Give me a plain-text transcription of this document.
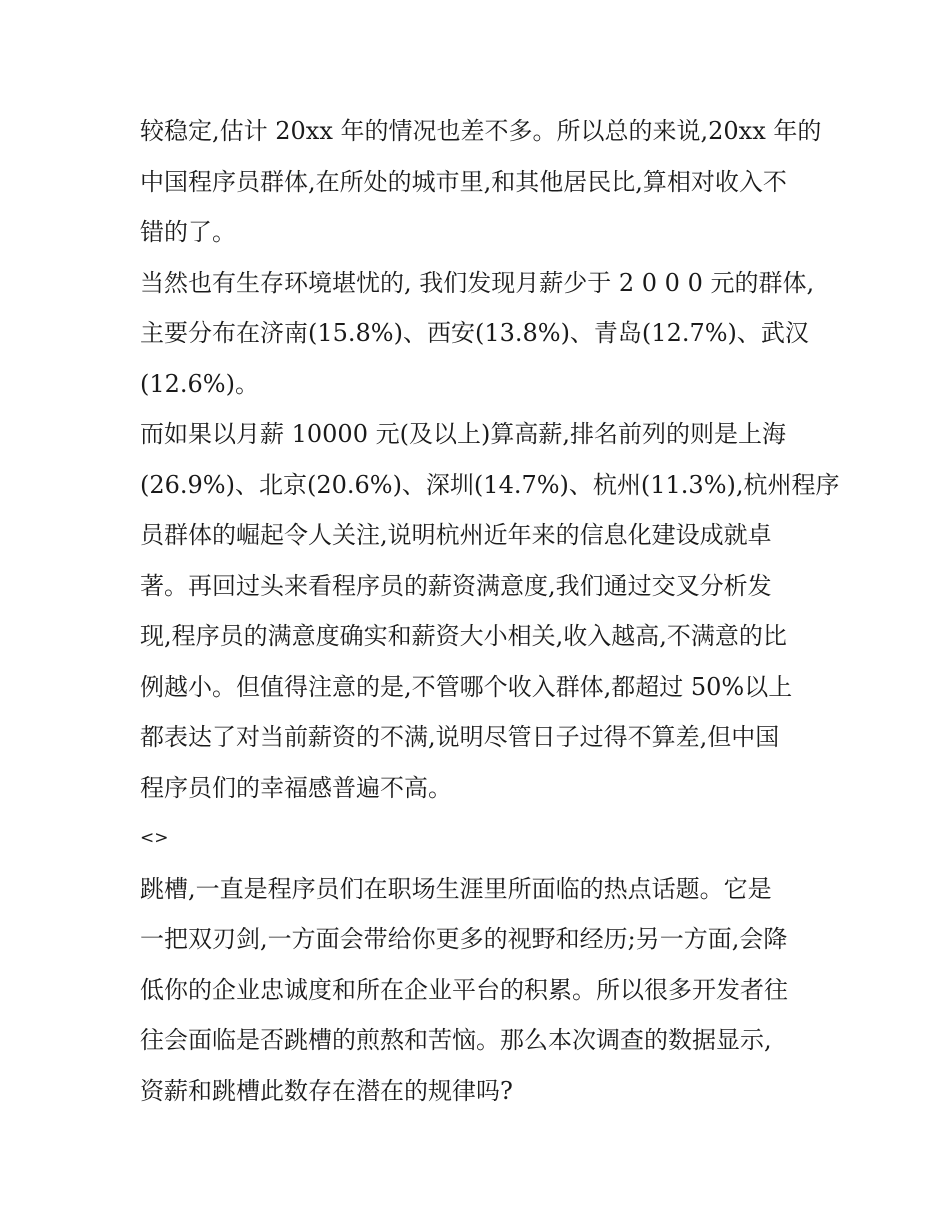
较稳定,估计 20xx 年的情况也差不多。所以总的来说,20xx 年的
中国程序员群体,在所处的城市里,和其他居民比,算相对收入不
错的了。
当然也有生存环境堪忧的, 我们发现月薪少于 2 0 0 0 元的群体,
主要分布在济南(15.8%)、西安(13.8%)、青岛(12.7%)、武汉
(12.6%)。
而如果以月薪 10000 元(及以上)算高薪,排名前列的则是上海
(26.9%)、北京(20.6%)、深圳(14.7%)、杭州(11.3%),杭州程序
员群体的崛起令人关注,说明杭州近年来的信息化建设成就卓
著。再回过头来看程序员的薪资满意度,我们通过交叉分析发
现,程序员的满意度确实和薪资大小相关,收入越高,不满意的比
例越小。但值得注意的是,不管哪个收入群体,都超过 50%以上
都表达了对当前薪资的不满,说明尽管日子过得不算差,但中国
程序员们的幸福感普遍不高。
<>
跳槽,一直是程序员们在职场生涯里所面临的热点话题。它是
一把双刃剑,一方面会带给你更多的视野和经历;另一方面,会降
低你的企业忠诚度和所在企业平台的积累。所以很多开发者往
往会面临是否跳槽的煎熬和苦恼。那么本次调查的数据显示,
资薪和跳槽此数存在潜在的规律吗?
